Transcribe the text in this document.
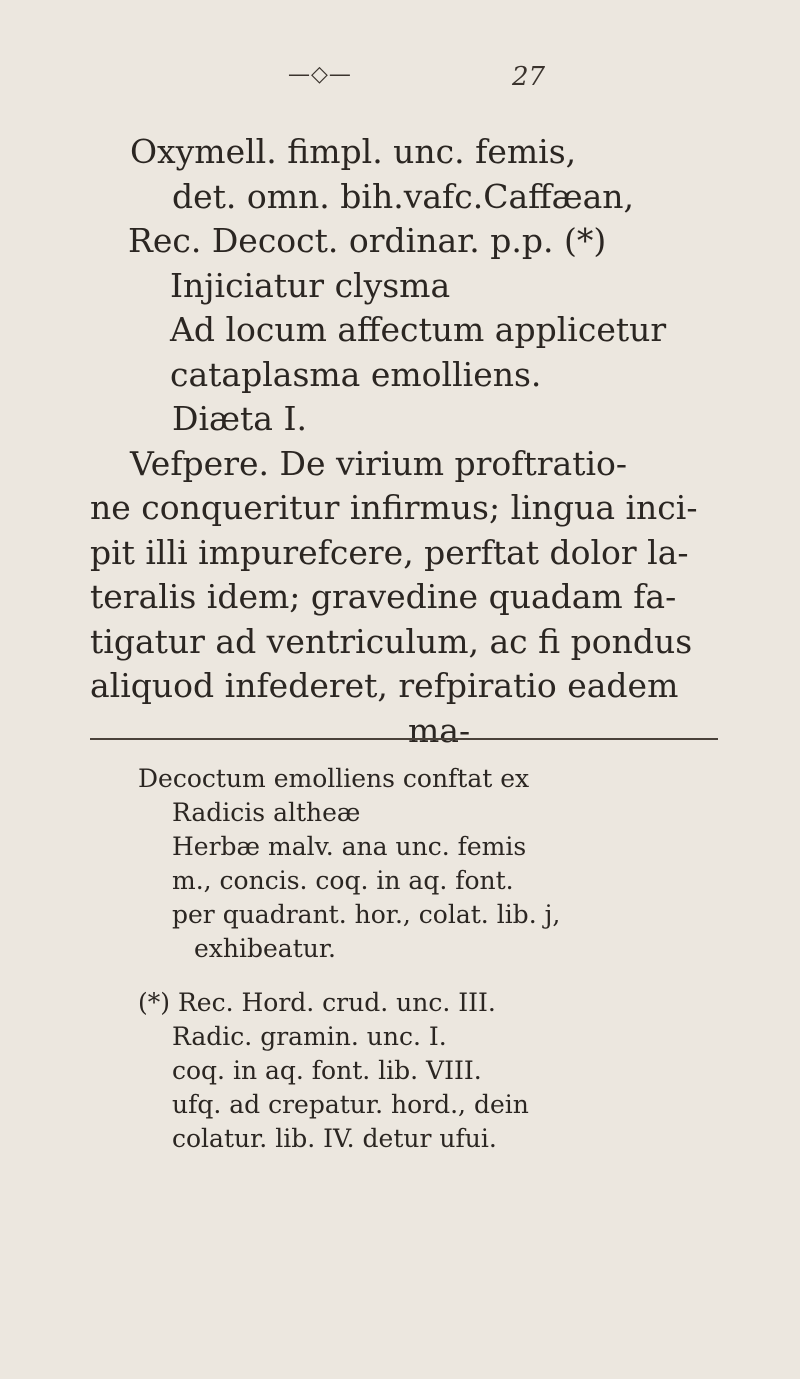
—◇—	27
Oxymell. fimpl. unc. femis,
det. omn. bih.vafc.Caffæan,
Rec. Decoct. ordinar. p.p. (*)
Injiciatur clysma
Ad locum affectum applicetur
cataplasma emolliens.
Diæta I.
Vefpere. De virium proftratio-
ne conqueritur infirmus; lingua inci-
pit illi impurefcere, perftat dolor la-
teralis idem; gravedine quadam fa-
tigatur ad ventriculum, ac fi pondus
aliquod infederet, refpiratio eadem
ma-
Decoctum emolliens conftat ex
Radicis altheæ
Herbæ malv. ana unc. femis
m., concis. coq. in aq. font.
per quadrant. hor., colat. lib. j,
exhibeatur.
(*) Rec. Hord. crud. unc. III.
Radic. gramin. unc. I.
coq. in aq. font. lib. VIII.
ufq. ad crepatur. hord., dein
colatur. lib. IV. detur ufui.
